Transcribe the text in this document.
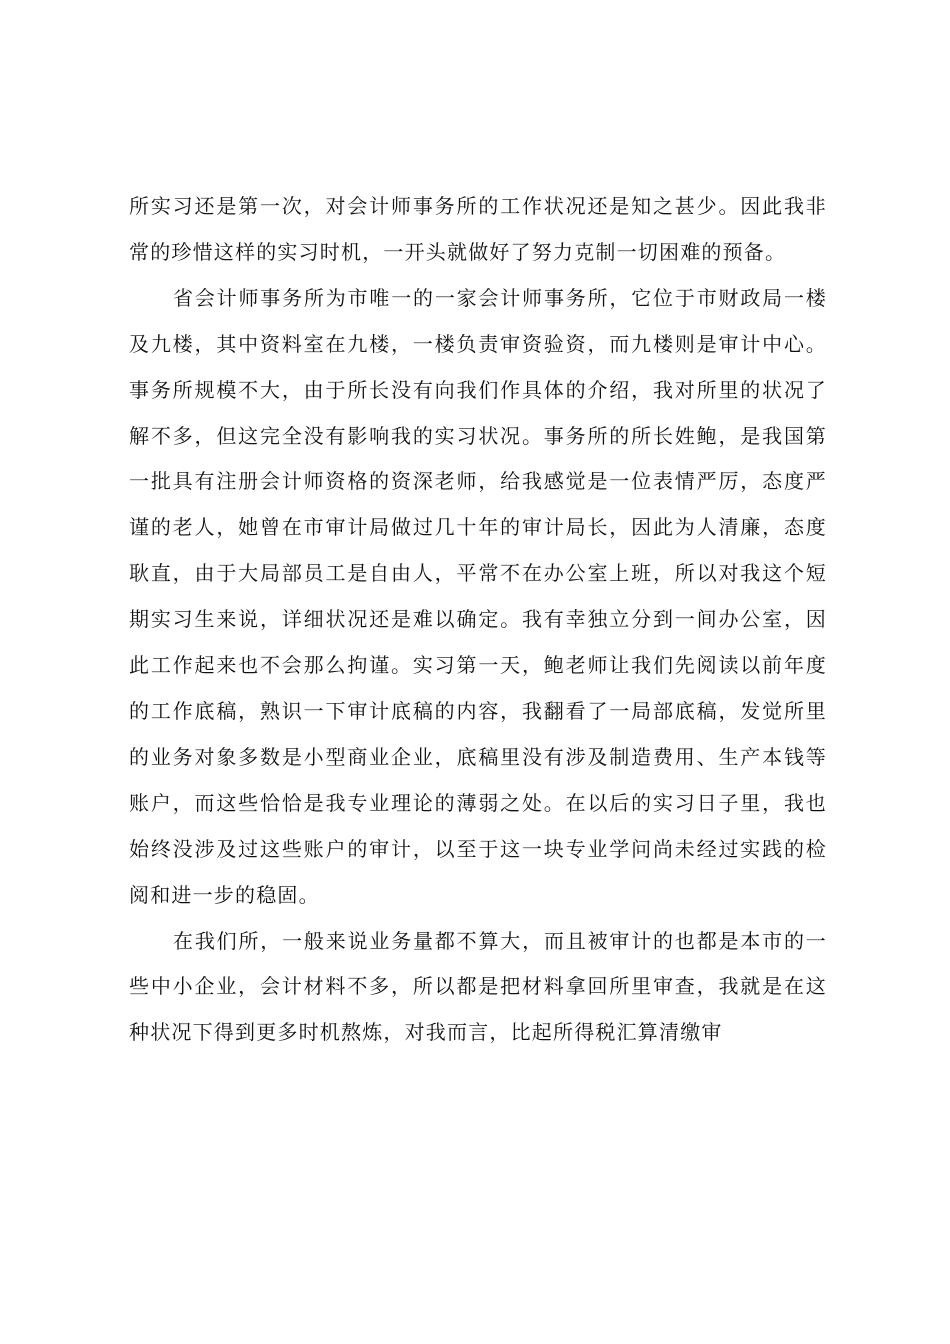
所实习还是第一次，对会计师事务所的工作状况还是知之甚少。因此我非常的珍惜这样的实习时机，一开头就做好了努力克制一切困难的预备。

省会计师事务所为市唯一的一家会计师事务所，它位于市财政局一楼及九楼，其中资料室在九楼，一楼负责审资验资，而九楼则是审计中心。事务所规模不大，由于所长没有向我们作具体的介绍，我对所里的状况了解不多，但这完全没有影响我的实习状况。事务所的所长姓鲍，是我国第一批具有注册会计师资格的资深老师，给我感觉是一位表情严厉，态度严谨的老人，她曾在市审计局做过几十年的审计局长，因此为人清廉，态度耿直，由于大局部员工是自由人，平常不在办公室上班，所以对我这个短期实习生来说，详细状况还是难以确定。我有幸独立分到一间办公室，因此工作起来也不会那么拘谨。实习第一天，鲍老师让我们先阅读以前年度的工作底稿，熟识一下审计底稿的内容，我翻看了一局部底稿，发觉所里的业务对象多数是小型商业企业，底稿里没有涉及制造费用、生产本钱等账户，而这些恰恰是我专业理论的薄弱之处。在以后的实习日子里，我也始终没涉及过这些账户的审计，以至于这一块专业学问尚未经过实践的检阅和进一步的稳固。

在我们所，一般来说业务量都不算大，而且被审计的也都是本市的一些中小企业，会计材料不多，所以都是把材料拿回所里审查，我就是在这种状况下得到更多时机熬炼，对我而言，比起所得税汇算清缴审
